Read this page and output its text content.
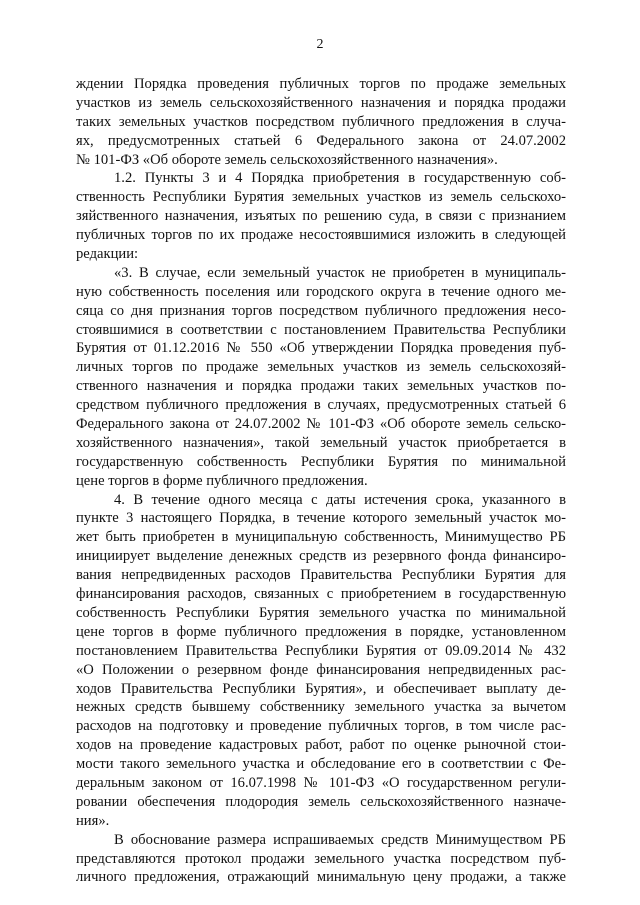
2
ждении Порядка проведения публичных торгов по продаже земельных
участков из земель сельскохозяйственного назначения и порядка продажи
таких земельных участков посредством публичного предложения в случа-
ях, предусмотренных статьей 6 Федерального закона от 24.07.2002
№ 101-ФЗ «Об обороте земель сельскохозяйственного назначения».
1.2. Пункты 3 и 4 Порядка приобретения в государственную соб-
ственность Республики Бурятия земельных участков из земель сельскохо-
зяйственного назначения, изъятых по решению суда, в связи с признанием
публичных торгов по их продаже несостоявшимися изложить в следующей
редакции:
«3. В случае, если земельный участок не приобретен в муниципаль-
ную собственность поселения или городского округа в течение одного ме-
сяца со дня признания торгов посредством публичного предложения несо-
стоявшимися в соответствии с постановлением Правительства Республики
Бурятия от 01.12.2016 № 550 «Об утверждении Порядка проведения пуб-
личных торгов по продаже земельных участков из земель сельскохозяй-
ственного назначения и порядка продажи таких земельных участков по-
средством публичного предложения в случаях, предусмотренных статьей 6
Федерального закона от 24.07.2002 № 101-ФЗ «Об обороте земель сельско-
хозяйственного назначения», такой земельный участок приобретается в
государственную собственность Республики Бурятия по минимальной
цене торгов в форме публичного предложения.
4. В течение одного месяца с даты истечения срока, указанного в
пункте 3 настоящего Порядка, в течение которого земельный участок мо-
жет быть приобретен в муниципальную собственность, Минимущество РБ
инициирует выделение денежных средств из резервного фонда финансиро-
вания непредвиденных расходов Правительства Республики Бурятия для
финансирования расходов, связанных с приобретением в государственную
собственность Республики Бурятия земельного участка по минимальной
цене торгов в форме публичного предложения в порядке, установленном
постановлением Правительства Республики Бурятия от 09.09.2014 № 432
«О Положении о резервном фонде финансирования непредвиденных рас-
ходов Правительства Республики Бурятия», и обеспечивает выплату де-
нежных средств бывшему собственнику земельного участка за вычетом
расходов на подготовку и проведение публичных торгов, в том числе рас-
ходов на проведение кадастровых работ, работ по оценке рыночной стои-
мости такого земельного участка и обследование его в соответствии с Фе-
деральным законом от 16.07.1998 № 101-ФЗ «О государственном регули-
ровании обеспечения плодородия земель сельскохозяйственного назначе-
ния».
В обоснование размера испрашиваемых средств Минимуществом РБ
представляются протокол продажи земельного участка посредством пуб-
личного предложения, отражающий минимальную цену продажи, а также
